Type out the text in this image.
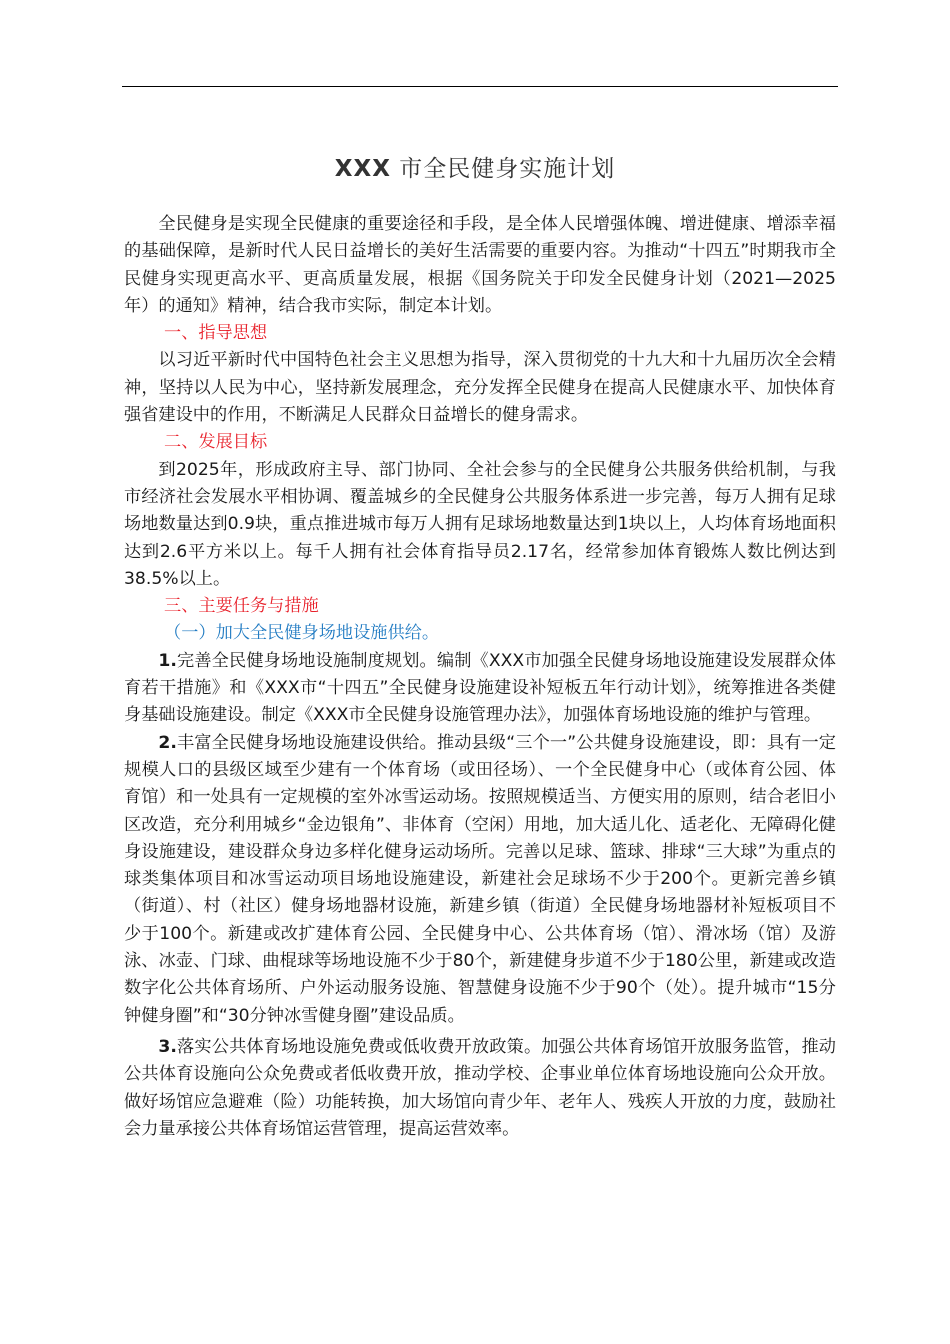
XXX 市全民健身实施计划

全民健身是实现全民健康的重要途径和手段，是全体人民增强体魄、增进健康、增添幸福的基础保障，是新时代人民日益增长的美好生活需要的重要内容。为推动“十四五”时期我市全民健身实现更高水平、更高质量发展，根据《国务院关于印发全民健身计划（2021—2025年）的通知》精神，结合我市实际，制定本计划。

一、指导思想

以习近平新时代中国特色社会主义思想为指导，深入贯彻党的十九大和十九届历次全会精神，坚持以人民为中心，坚持新发展理念，充分发挥全民健身在提高人民健康水平、加快体育强省建设中的作用，不断满足人民群众日益增长的健身需求。

二、发展目标

到2025年，形成政府主导、部门协同、全社会参与的全民健身公共服务供给机制，与我市经济社会发展水平相协调、覆盖城乡的全民健身公共服务体系进一步完善，每万人拥有足球场地数量达到0.9块，重点推进城市每万人拥有足球场地数量达到1块以上，人均体育场地面积达到2.6平方米以上。每千人拥有社会体育指导员2.17名，经常参加体育锻炼人数比例达到38.5%以上。

三、主要任务与措施

（一）加大全民健身场地设施供给。

1.完善全民健身场地设施制度规划。编制《XXX市加强全民健身场地设施建设发展群众体育若干措施》和《XXX市“十四五”全民健身设施建设补短板五年行动计划》，统筹推进各类健身基础设施建设。制定《XXX市全民健身设施管理办法》，加强体育场地设施的维护与管理。

2.丰富全民健身场地设施建设供给。推动县级“三个一”公共健身设施建设，即：具有一定规模人口的县级区域至少建有一个体育场（或田径场）、一个全民健身中心（或体育公园、体育馆）和一处具有一定规模的室外冰雪运动场。按照规模适当、方便实用的原则，结合老旧小区改造，充分利用城乡“金边银角”、非体育（空闲）用地，加大适儿化、适老化、无障碍化健身设施建设，建设群众身边多样化健身运动场所。完善以足球、篮球、排球“三大球”为重点的球类集体项目和冰雪运动项目场地设施建设，新建社会足球场不少于200个。更新完善乡镇（街道）、村（社区）健身场地器材设施，新建乡镇（街道）全民健身场地器材补短板项目不少于100个。新建或改扩建体育公园、全民健身中心、公共体育场（馆）、滑冰场（馆）及游泳、冰壶、门球、曲棍球等场地设施不少于80个，新建健身步道不少于180公里，新建或改造数字化公共体育场所、户外运动服务设施、智慧健身设施不少于90个（处）。提升城市“15分钟健身圈”和“30分钟冰雪健身圈”建设品质。

3.落实公共体育场地设施免费或低收费开放政策。加强公共体育场馆开放服务监管，推动公共体育设施向公众免费或者低收费开放，推动学校、企事业单位体育场地设施向公众开放。做好场馆应急避难（险）功能转换，加大场馆向青少年、老年人、残疾人开放的力度，鼓励社会力量承接公共体育场馆运营管理，提高运营效率。
